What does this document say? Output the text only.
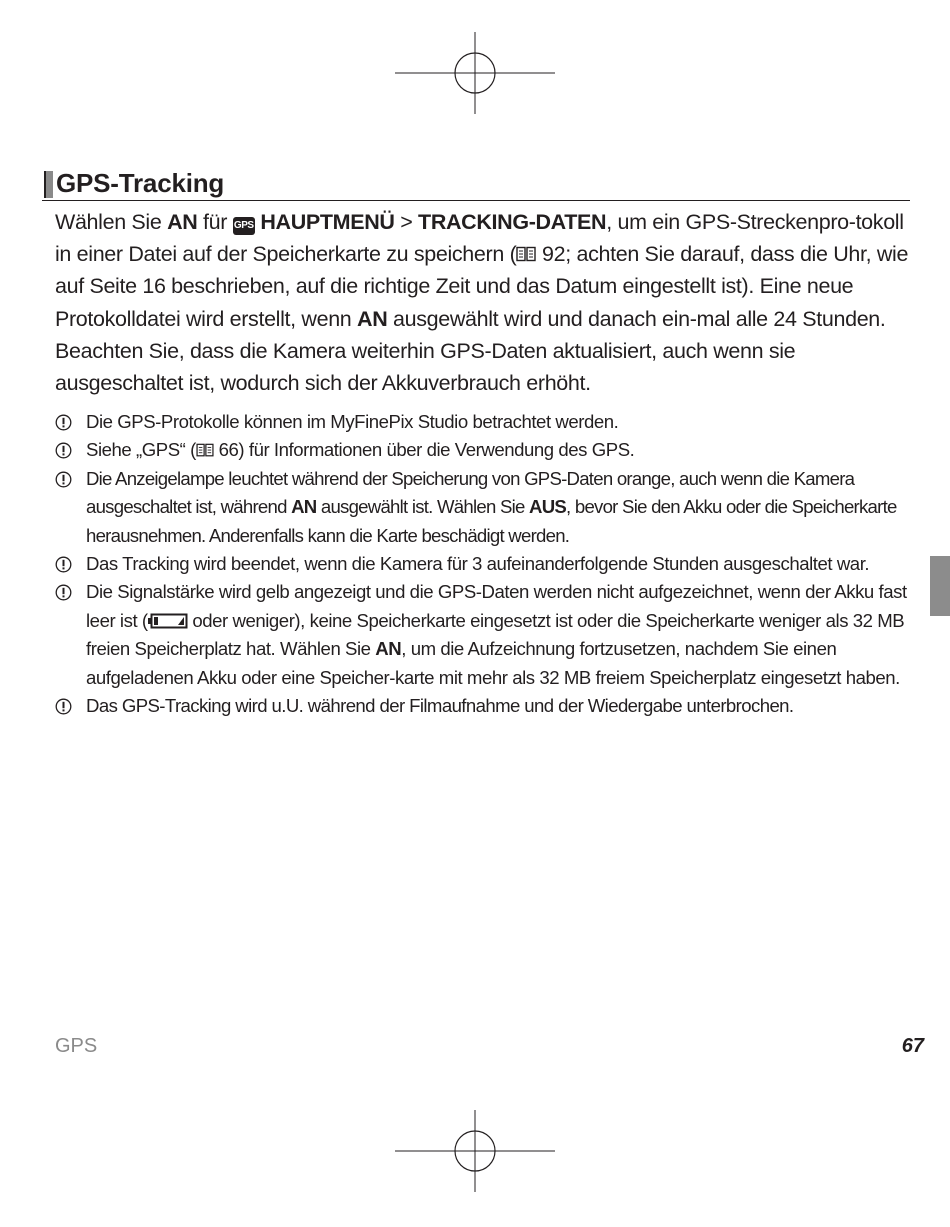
GPS-Tracking

Wählen Sie AN für GPS HAUPTMENÜ > TRACKING-DATEN, um ein GPS-Streckenpro-tokoll in einer Datei auf der Speicherkarte zu speichern ( 92; achten Sie darauf, dass die Uhr, wie auf Seite 16 beschrieben, auf die richtige Zeit und das Datum eingestellt ist). Eine neue Protokolldatei wird erstellt, wenn AN ausgewählt wird und danach ein-mal alle 24 Stunden. Beachten Sie, dass die Kamera weiterhin GPS-Daten aktualisiert, auch wenn sie ausgeschaltet ist, wodurch sich der Akkuverbrauch erhöht.

Die GPS-Protokolle können im MyFinePix Studio betrachtet werden.
Siehe „GPS“ ( 66) für Informationen über die Verwendung des GPS.
Die Anzeigelampe leuchtet während der Speicherung von GPS-Daten orange, auch wenn die Kamera ausgeschaltet ist, während AN ausgewählt ist. Wählen Sie AUS, bevor Sie den Akku oder die Speicherkarte herausnehmen. Anderenfalls kann die Karte beschädigt werden.
Das Tracking wird beendet, wenn die Kamera für 3 aufeinanderfolgende Stunden ausgeschaltet war.
Die Signalstärke wird gelb angezeigt und die GPS-Daten werden nicht aufgezeichnet, wenn der Akku fast leer ist ( oder weniger), keine Speicherkarte eingesetzt ist oder die Speicherkarte weniger als 32 MB freien Speicherplatz hat. Wählen Sie AN, um die Aufzeichnung fortzusetzen, nachdem Sie einen aufgeladenen Akku oder eine Speicher-karte mit mehr als 32 MB freiem Speicherplatz eingesetzt haben.
Das GPS-Tracking wird u.U. während der Filmaufnahme und der Wiedergabe unterbrochen.
GPS	67
